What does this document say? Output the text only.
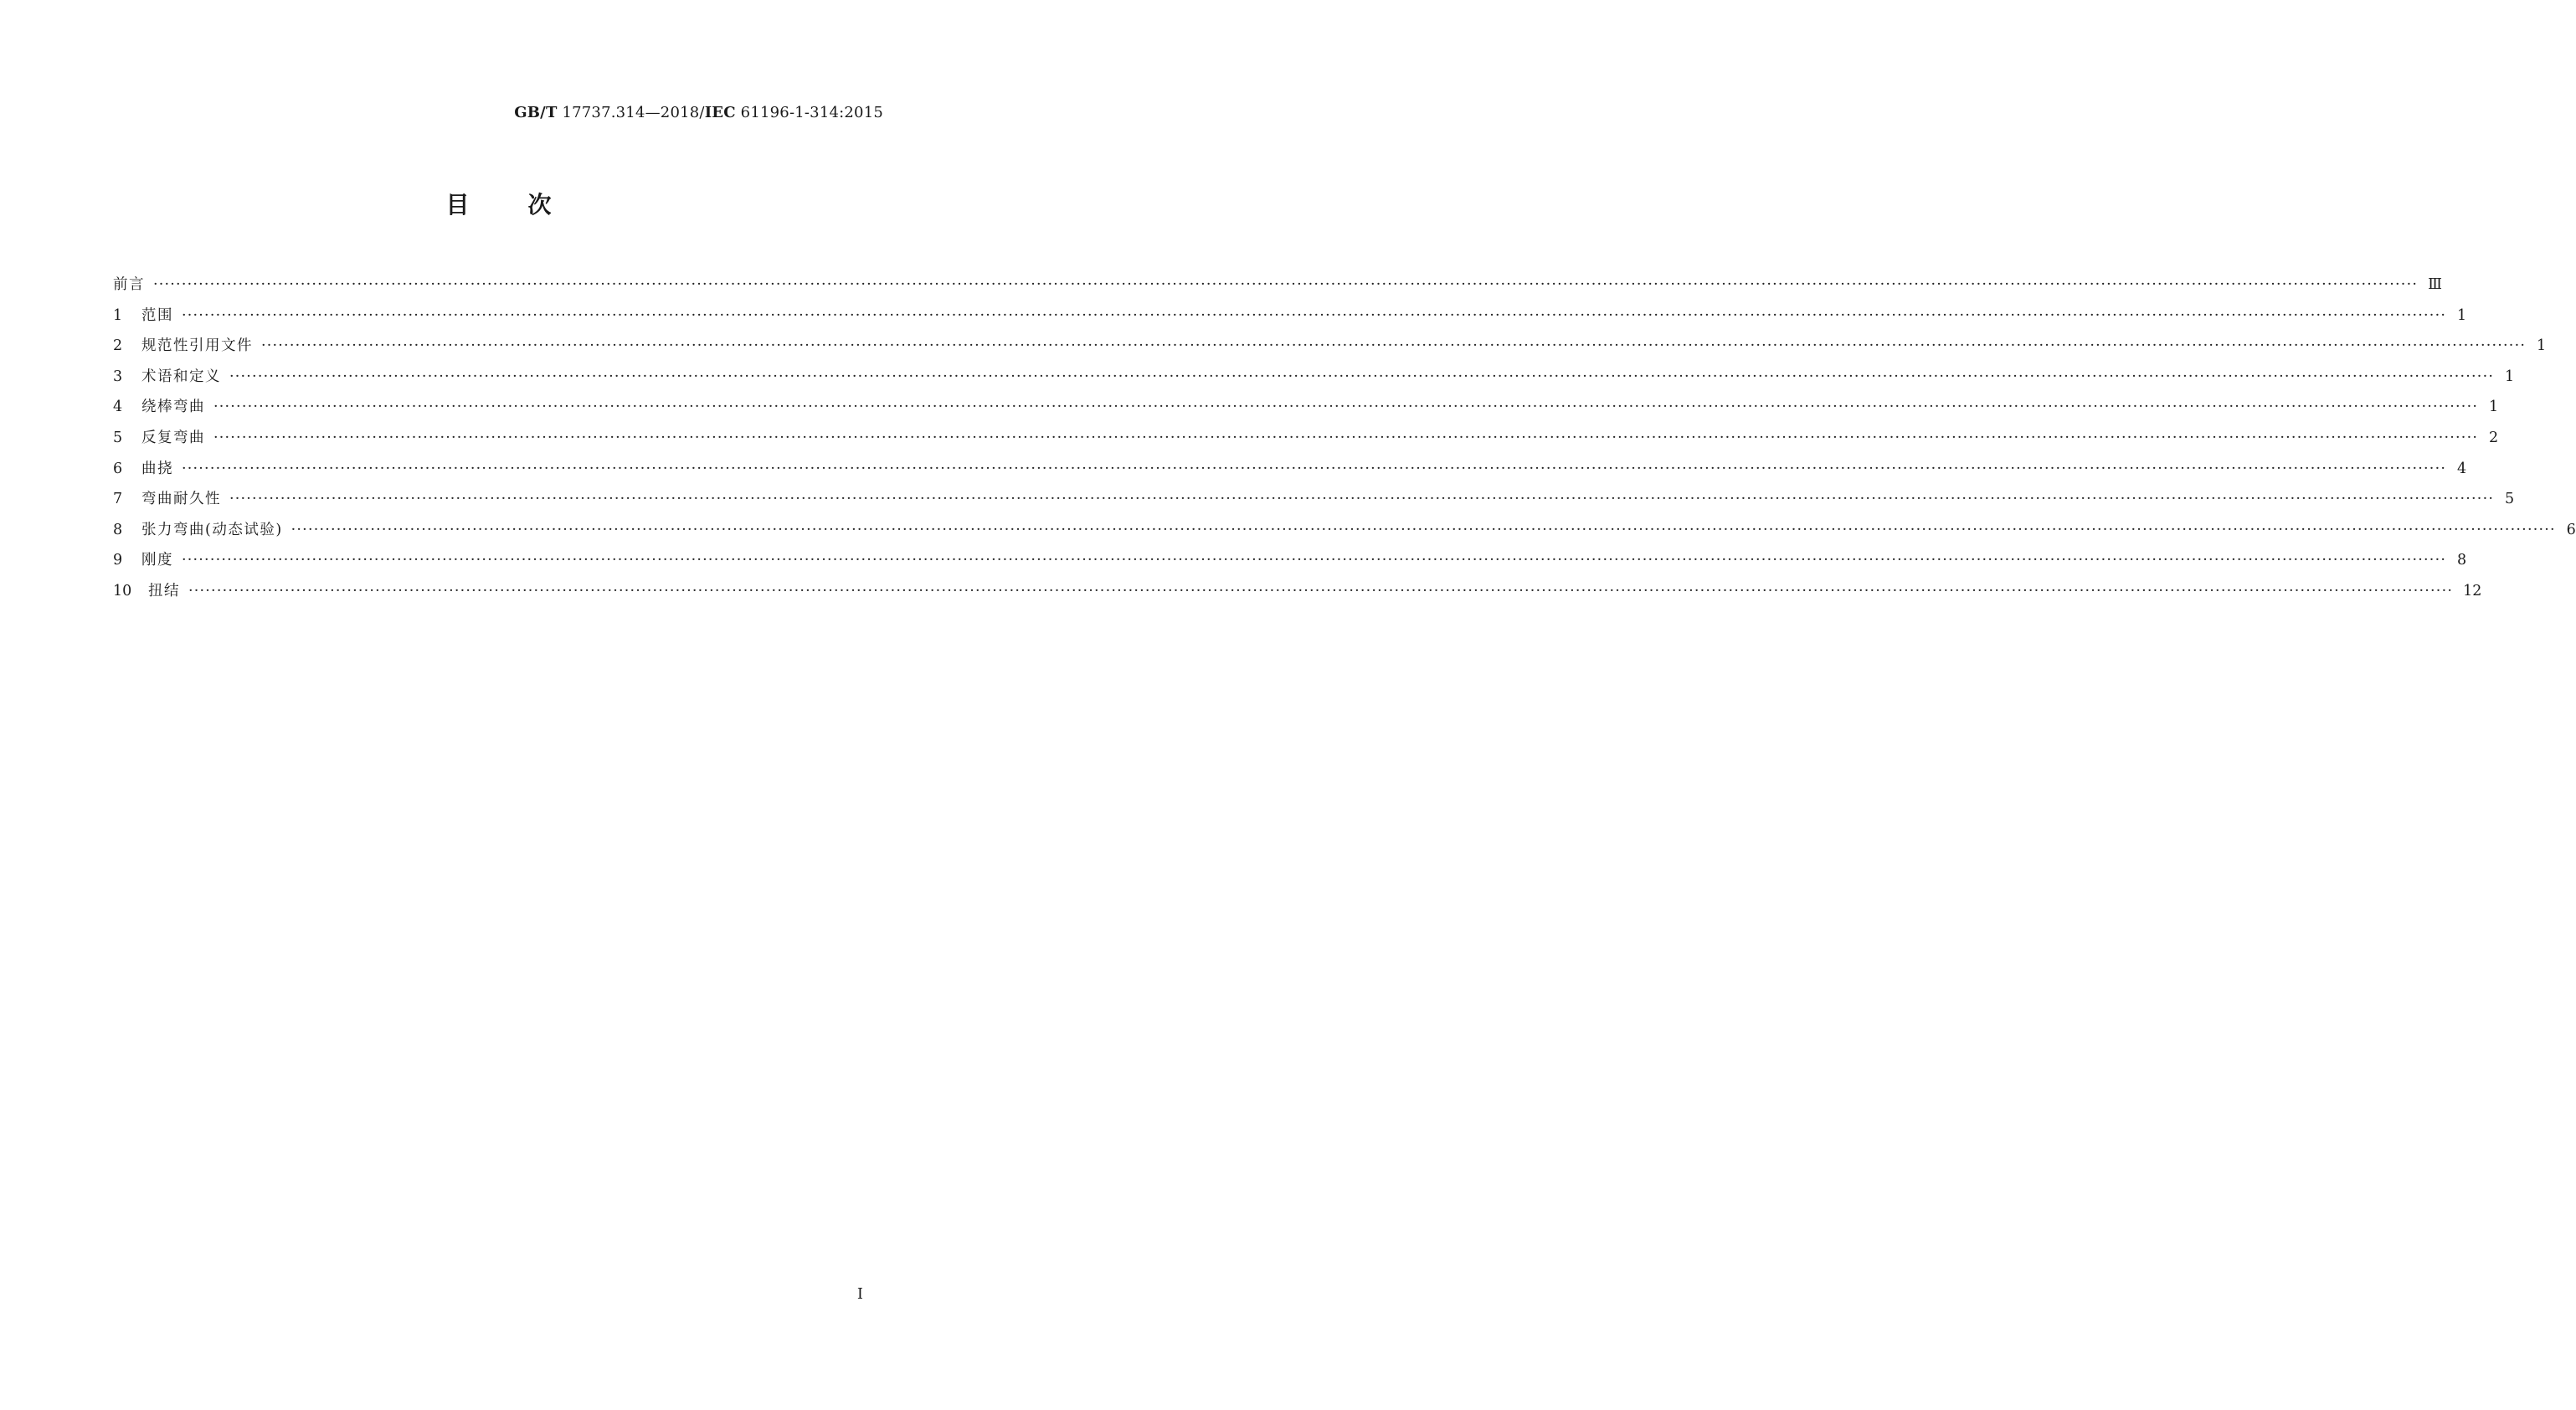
GB/T 17737.314—2018/IEC 61196-1-314:2015
目	次
前言 ················································································································································································································································································································································································································ Ⅲ
1	范围 ················································································································································································································································································································································································································ 1
2	规范性引用文件 ················································································································································································································································································································································································································ 1
3	术语和定义 ················································································································································································································································································································································································································ 1
4	绕棒弯曲 ················································································································································································································································································································································································································ 1
5	反复弯曲 ················································································································································································································································································································································································································ 2
6	曲挠 ················································································································································································································································································································································································································ 4
7	弯曲耐久性 ················································································································································································································································································································································································································ 5
8	张力弯曲(动态试验) ················································································································································································································································································································································································································ 6
9	刚度 ················································································································································································································································································································································································································ 8
10	扭结 ················································································································································································································································································································································································································ 12
I
